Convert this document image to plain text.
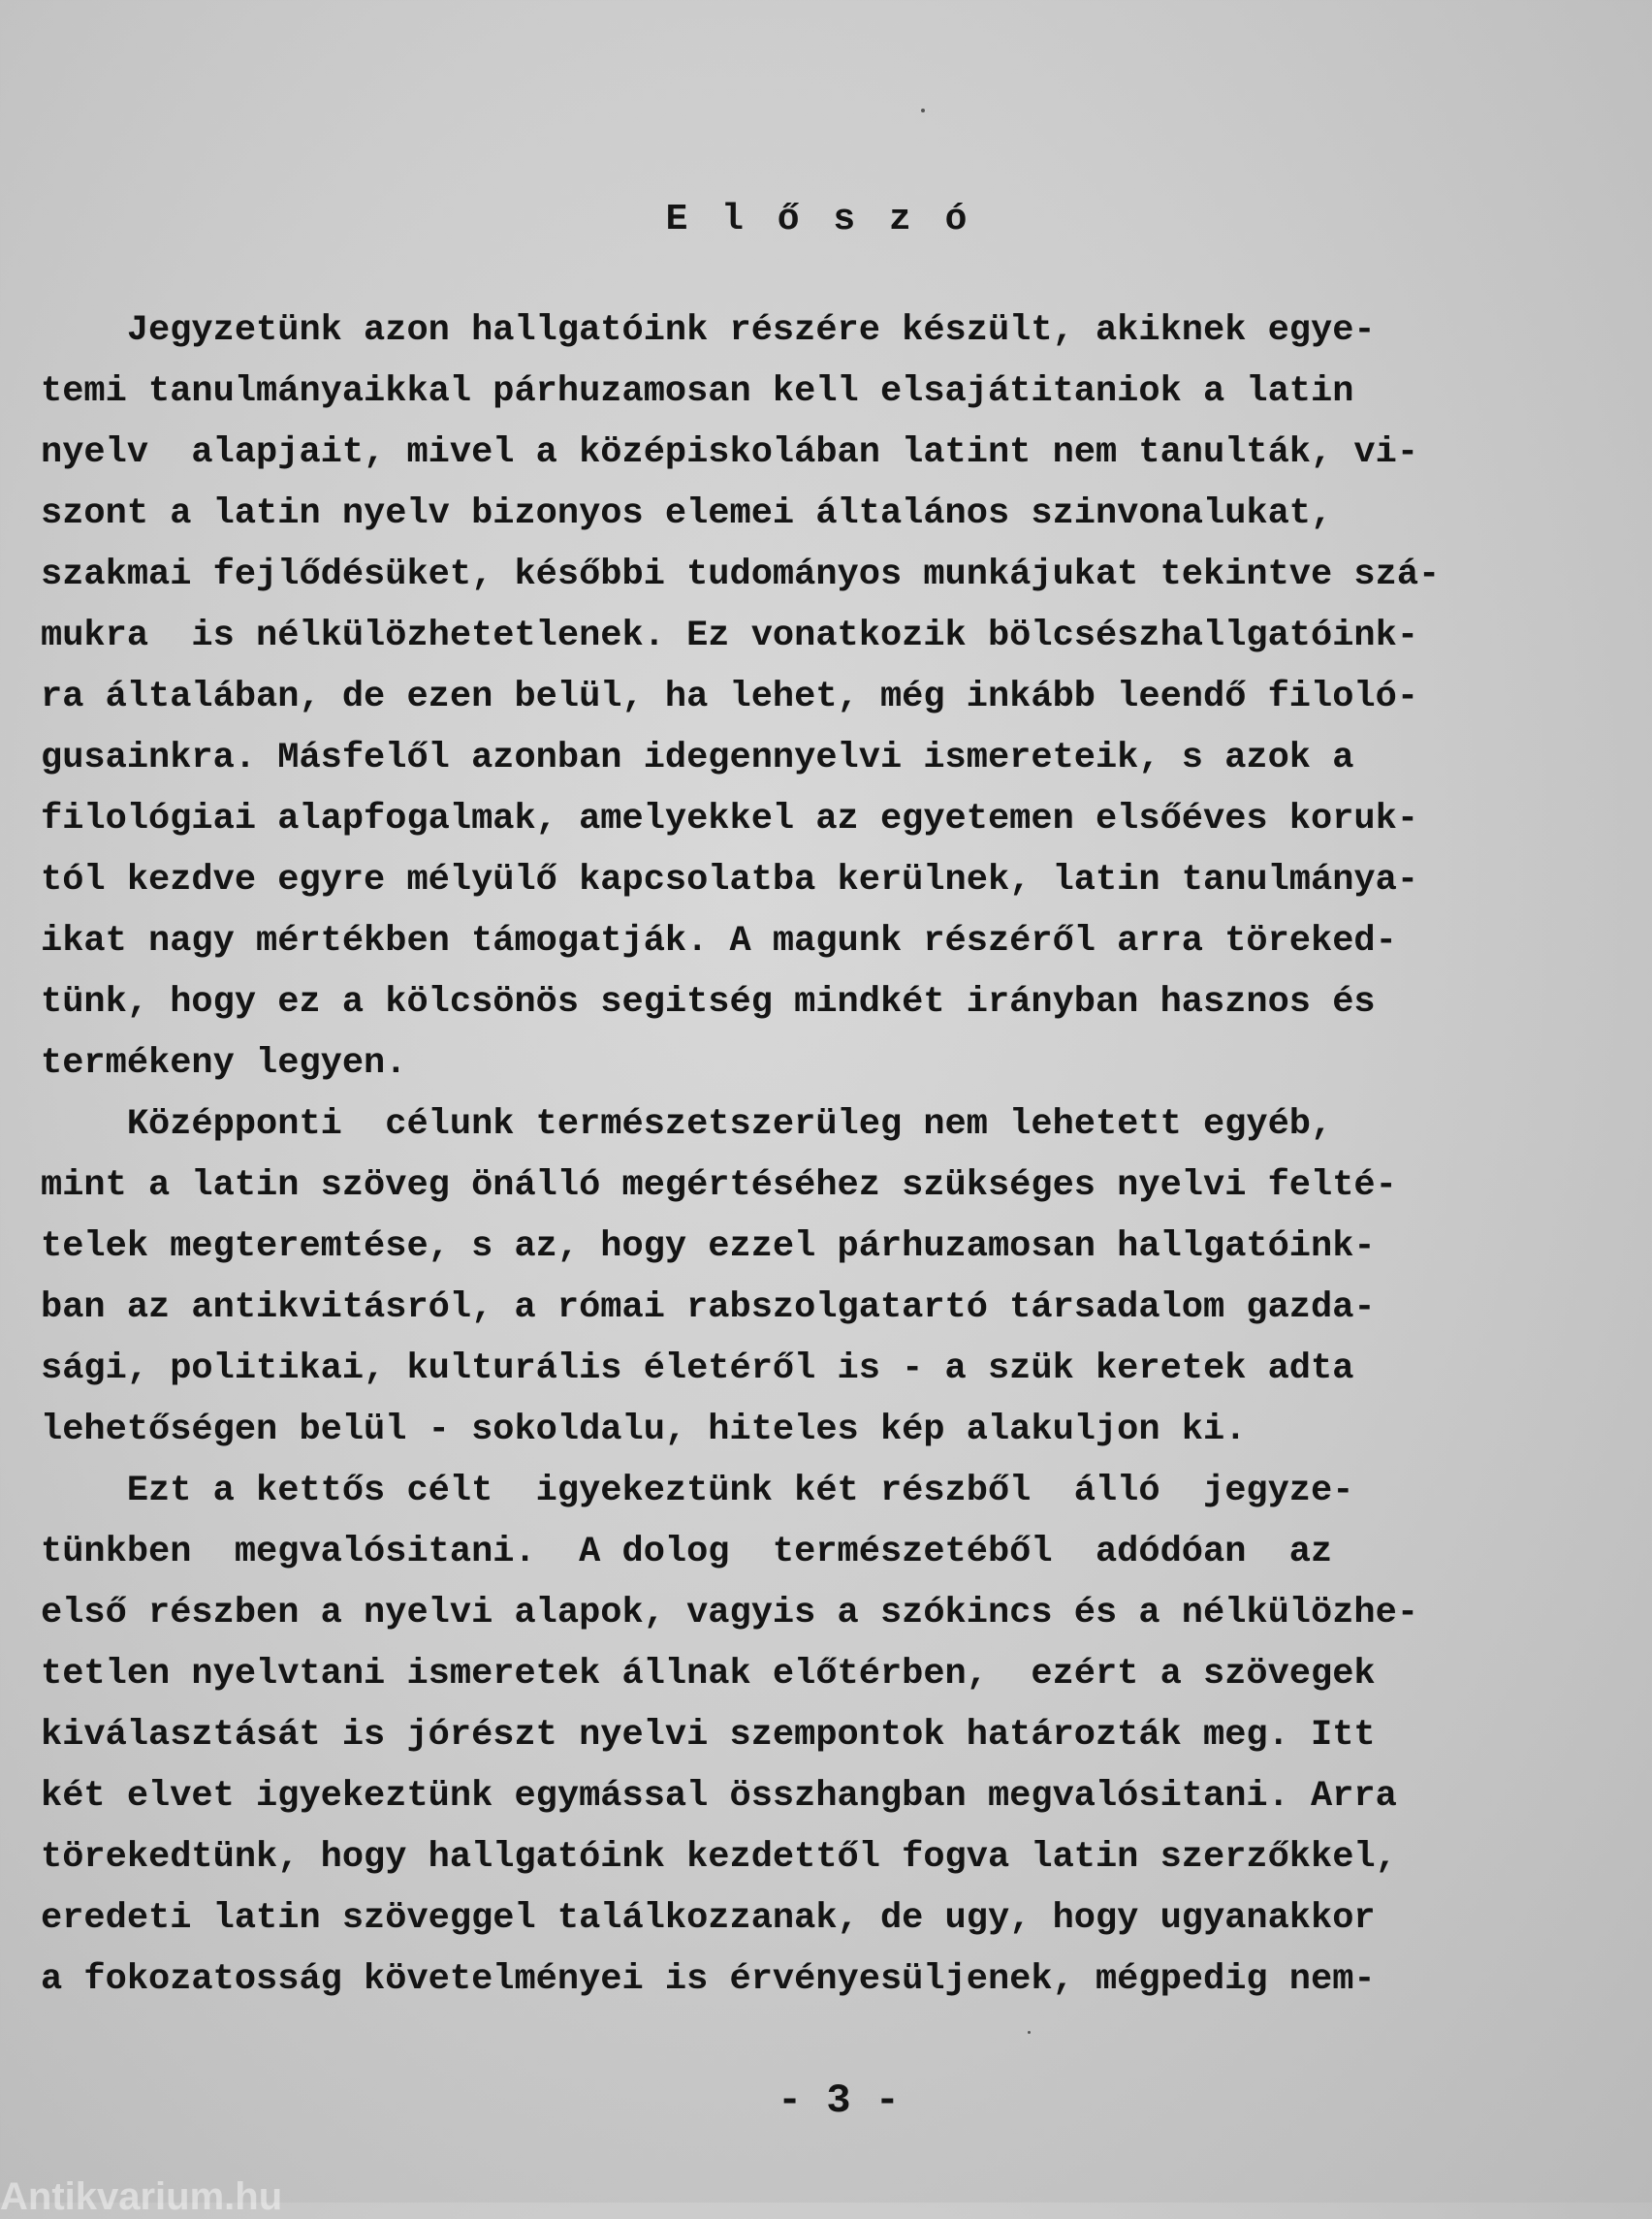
E l ő s z ó
Jegyzetünk azon hallgatóink részére készült, akiknek egye-
temi tanulmányaikkal párhuzamosan kell elsajátitaniok a latin
nyelv  alapjait, mivel a középiskolában latint nem tanulták, vi-
szont a latin nyelv bizonyos elemei általános szinvonalukat,
szakmai fejlődésüket, későbbi tudományos munkájukat tekintve szá-
mukra  is nélkülözhetetlenek. Ez vonatkozik bölcsészhallgatóink-
ra általában, de ezen belül, ha lehet, még inkább leendő filoló-
gusainkra. Másfelől azonban idegennyelvi ismereteik, s azok a
filológiai alapfogalmak, amelyekkel az egyetemen elsőéves koruk-
tól kezdve egyre mélyülő kapcsolatba kerülnek, latin tanulmánya-
ikat nagy mértékben támogatják. A magunk részéről arra töreked-
tünk, hogy ez a kölcsönös segitség mindkét irányban hasznos és
termékeny legyen.
Középponti  célunk természetszerüleg nem lehetett egyéb,
mint a latin szöveg önálló megértéséhez szükséges nyelvi felté-
telek megteremtése, s az, hogy ezzel párhuzamosan hallgatóink-
ban az antikvitásról, a római rabszolgatartó társadalom gazda-
sági, politikai, kulturális életéről is - a szük keretek adta
lehetőségen belül - sokoldalu, hiteles kép alakuljon ki.
Ezt a kettős célt  igyekeztünk két részből  álló  jegyze-
tünkben  megvalósitani.  A dolog  természetéből  adódóan  az
első részben a nyelvi alapok, vagyis a szókincs és a nélkülözhe-
tetlen nyelvtani ismeretek állnak előtérben,  ezért a szövegek
kiválasztását is jórészt nyelvi szempontok határozták meg. Itt
két elvet igyekeztünk egymással összhangban megvalósitani. Arra
törekedtünk, hogy hallgatóink kezdettől fogva latin szerzőkkel,
eredeti latin szöveggel találkozzanak, de ugy, hogy ugyanakkor
a fokozatosság követelményei is érvényesüljenek, mégpedig nem-
- 3 -
Antikvarium.hu
